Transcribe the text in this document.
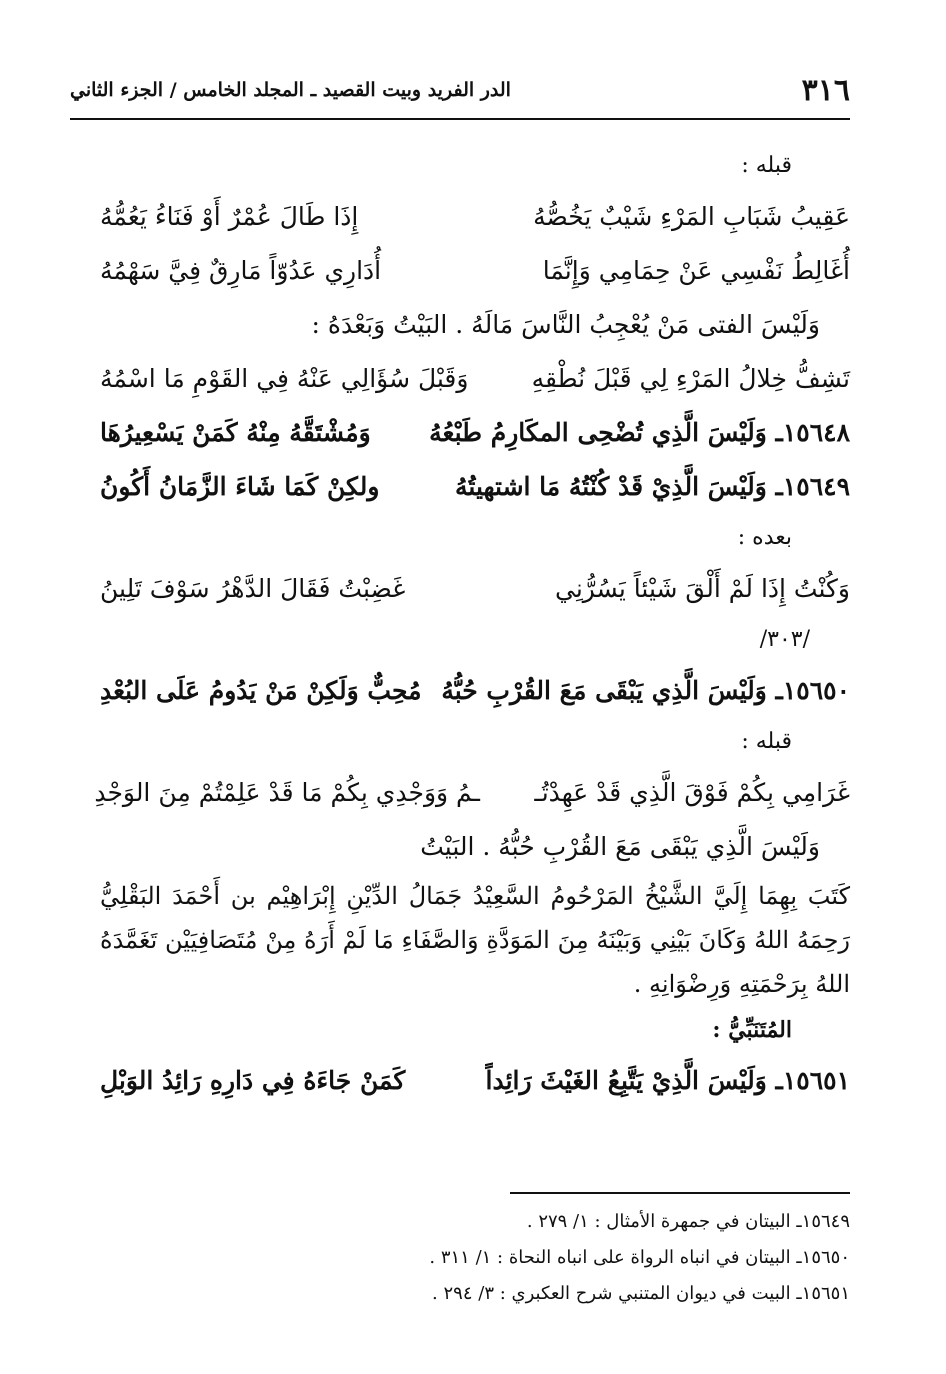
٣١٦
الدر الفريد وبيت القصيد ـ المجلد الخامس / الجزء الثاني
قبله :
عَقِيبُ شَبَابِ المَرْءِ شَيْبٌ يَخُصُّهُ
إِذَا طَالَ عُمْرٌ أَوْ فَنَاءُ يَعُمُّهُ
أُغَالِطُ نَفْسِي عَنْ حِمَامِي وَإِنَّمَا
أُدَارِي عَدُوّاً مَارِقٌ فِيَّ سَهْمُهُ
وَلَيْسَ الفتى مَنْ يُعْجِبُ النَّاسَ مَالَهُ . البَيْتُ وَبَعْدَهُ :
تَشِفُّ خِلالُ المَرْءِ لِي قَبْلَ نُطْقِهِ
وَقَبْلَ سُؤَالِي عَنْهُ فِي القَوْمِ مَا اسْمُهُ
١٥٦٤٨ـ وَلَيْسَ الَّذِي تُضْحِى المكَارِمُ طَبْعُهُ
وَمُشْتَقَّهُ مِنْهُ كَمَنْ يَسْعِيرُهَا
١٥٦٤٩ـ وَلَيْسَ الَّذِيْ قَدْ كُنْتُهُ مَا اشتهيتُهُ
ولكِنْ كَمَا شَاءَ الزَّمَانُ أَكُونُ
بعده :
وَكُنْتُ إِذَا لَمْ أَلْقَ شَيْئاً يَسُرُّنِي
غَضِبْتُ فَقَالَ الدَّهْرُ سَوْفَ تَلِينُ
/٣٠٣/
١٥٦٥٠ـ وَلَيْسَ الَّذِي يَبْقَى مَعَ القُرْبِ حُبُّهُ
مُحِبٌّ وَلَكِنْ مَنْ يَدُومُ عَلَى البُعْدِ
قبله :
غَرَامِي بِكُمْ فَوْقَ الَّذِي قَدْ عَهِدْتُـ
ـمُ وَوَجْدِي بِكُمْ مَا قَدْ عَلِمْتُمْ مِنَ الوَجْدِ
وَلَيْسَ الَّذِي يَبْقَى مَعَ القُرْبِ حُبُّهُ . البَيْتُ
كَتَبَ بِهِمَا إِلَيَّ الشَّيْخُ المَرْحُومُ السَّعِيْدُ جَمَالُ الدِّيْنِ إِبْرَاهِيْم بن أَحْمَدَ البَقْلِيُّ رَحِمَهُ اللهُ وَكَانَ بَيْنِي وَبَيْنَهُ مِنَ المَوَدَّةِ وَالصَّفَاءِ مَا لَمْ أَرَهُ مِنْ مُتَصَافِيَيْن تَغَمَّدَهُ اللهُ بِرَحْمَتِهِ وَرِضْوَانِهِ .
المُتَنَبِّيُّ :
١٥٦٥١ـ وَلَيْسَ الَّذِيْ يَتَّبِعُ الغَيْثَ رَائِداً
كَمَنْ جَاءَهُ فِي دَارِهِ رَائِدُ الوَبْلِ
١٥٦٤٩ـ البيتان في جمهرة الأمثال : ١/ ٢٧٩ .
١٥٦٥٠ـ البيتان في انباه الرواة على انباه النحاة : ١/ ٣١١ .
١٥٦٥١ـ البيت في ديوان المتنبي شرح العكبري : ٣/ ٢٩٤ .
